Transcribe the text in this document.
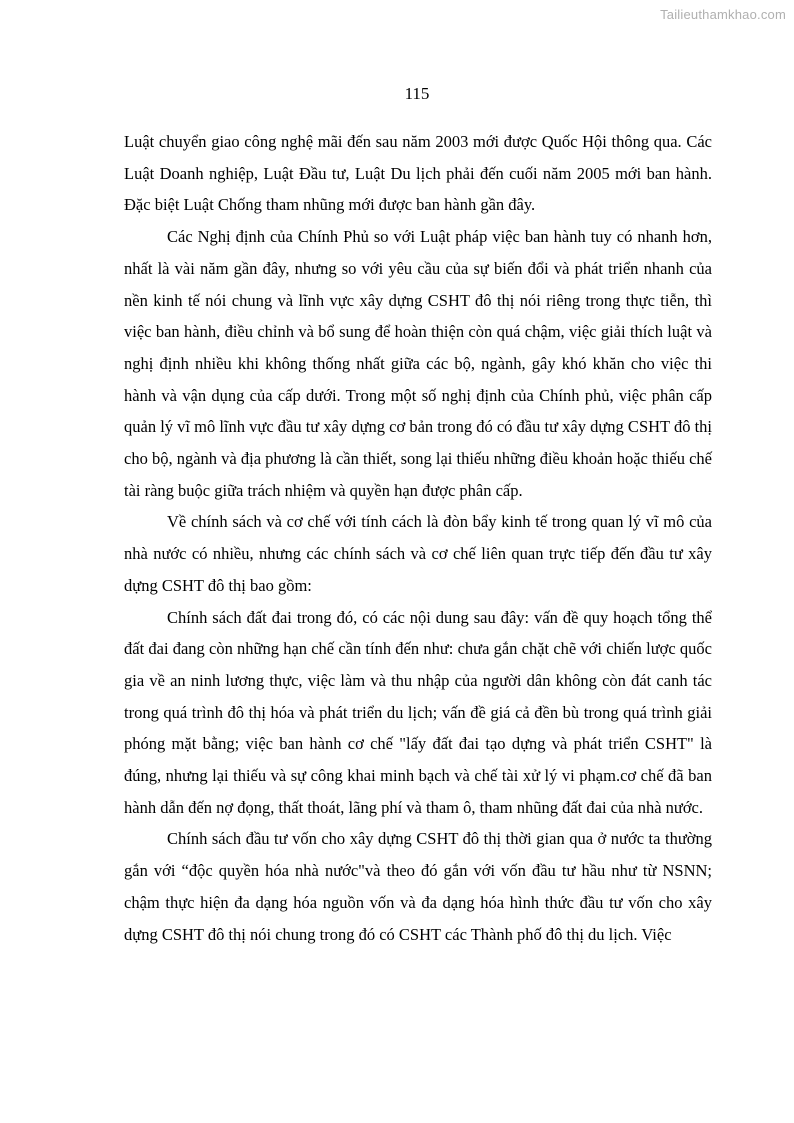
Tailieuthamkhao.com
115

Luật chuyển giao công nghệ mãi đến sau năm 2003 mới được Quốc Hội thông qua. Các Luật Doanh nghiệp, Luật Đầu tư, Luật Du lịch phải đến cuối năm 2005 mới ban hành. Đặc biệt Luật Chống tham nhũng mới được ban hành gần đây.

Các Nghị định của Chính Phủ so với Luật pháp việc ban hành tuy có nhanh hơn, nhất là vài năm gần đây, nhưng so với yêu cầu của sự biến đổi và phát triển nhanh của nền kinh tế nói chung và lĩnh vực xây dựng CSHT đô thị nói riêng trong thực tiễn, thì việc ban hành, điều chỉnh và bổ sung để hoàn thiện còn quá chậm, việc giải thích luật và nghị định nhiều khi không thống nhất giữa các bộ, ngành, gây khó khăn cho việc thi hành và vận dụng của cấp dưới. Trong một số nghị định của Chính phủ, việc phân cấp quản lý vĩ mô lĩnh vực đầu tư xây dựng cơ bản trong đó có đầu tư xây dựng CSHT đô thị cho bộ, ngành và địa phương là cần thiết, song lại thiếu những điều khoản hoặc thiếu chế tài ràng buộc giữa trách nhiệm và quyền hạn được phân cấp.

Về chính sách và cơ chế với tính cách là đòn bẩy kinh tế trong quan lý vĩ mô của nhà nước có nhiều, nhưng các chính sách và cơ chế liên quan trực tiếp đến đầu tư xây dựng CSHT đô thị bao gồm:

Chính sách đất đai trong đó, có các nội dung sau đây: vấn đề quy hoạch tổng thể đất đai đang còn những hạn chế cần tính đến như: chưa gắn chặt chẽ với chiến lược quốc gia về an ninh lương thực, việc làm và thu nhập của người dân không còn đát canh tác trong quá trình đô thị hóa và phát triển du lịch; vấn đề giá cả đền bù trong quá trình giải phóng mặt bằng; việc ban hành cơ chế "lấy đất đai tạo dựng và phát triển CSHT" là đúng, nhưng lại thiếu và sự công khai minh bạch và chế tài xử lý vi phạm.cơ chế đã ban hành dẫn đến nợ đọng, thất thoát, lãng phí và tham ô, tham nhũng đất đai của nhà nước.

Chính sách đầu tư vốn cho xây dựng CSHT đô thị thời gian qua ở nước ta thường gắn với “độc quyền hóa nhà nước"và theo đó gắn với vốn đầu tư hầu như từ NSNN; chậm thực hiện đa dạng hóa nguồn vốn và đa dạng hóa hình thức đầu tư vốn cho xây dựng CSHT đô thị nói chung trong đó có CSHT các Thành phố đô thị du lịch. Việc
